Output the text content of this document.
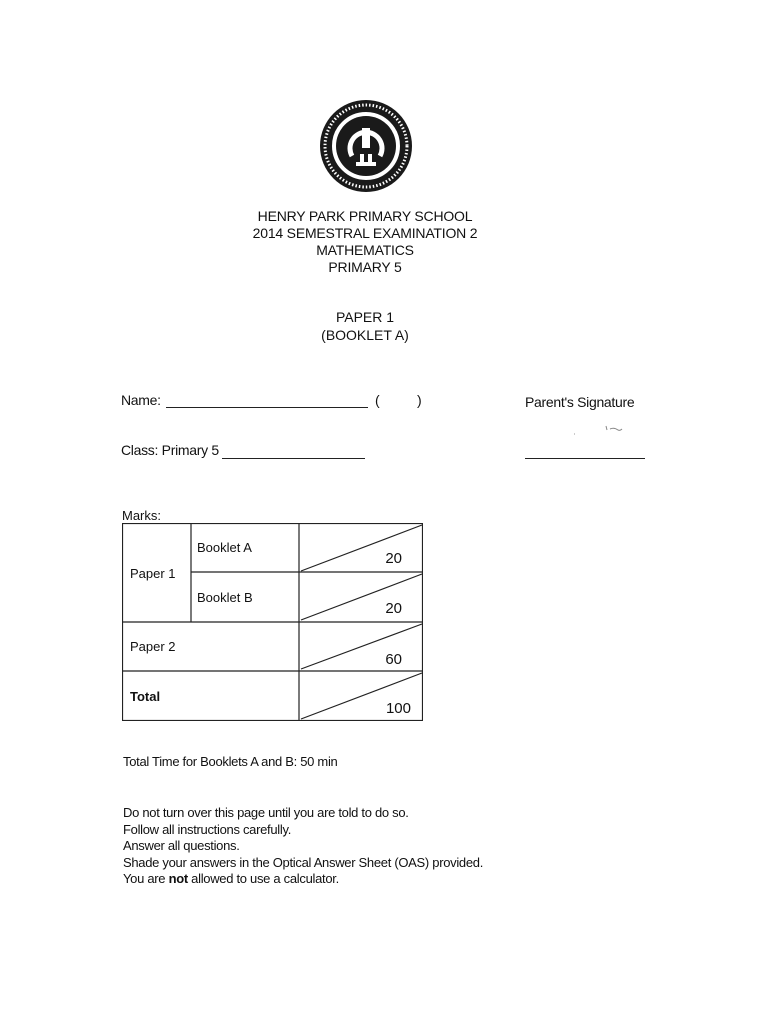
HENRY PARK PRIMARY SCHOOL
2014 SEMESTRAL EXAMINATION 2
MATHEMATICS
PRIMARY 5
PAPER 1
(BOOKLET A)
Name:	(	)
Class: Primary 5
Parent's Signature
Marks:
Paper 1
Booklet A
20
Booklet B
20
Paper 2
60
Total
100
Total Time for Booklets A and B: 50 min
Do not turn over this page until you are told to do so.
Follow all instructions carefully.
Answer all questions.
Shade your answers in the Optical Answer Sheet (OAS) provided.
You are not allowed to use a calculator.
